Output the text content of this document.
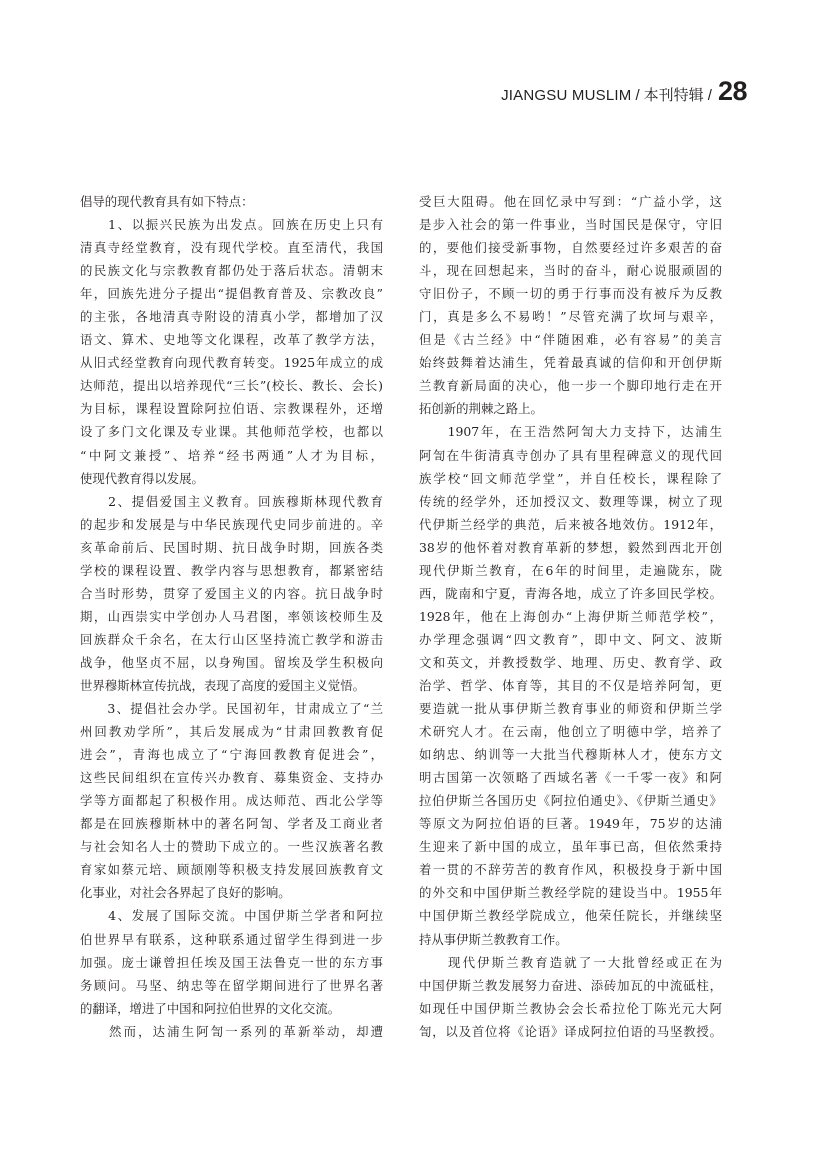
JIANGSU MUSLIM / 本刊特辑 / 28
倡导的现代教育具有如下特点：
　　1、以振兴民族为出发点。回族在历史上只有
清真寺经堂教育，没有现代学校。直至清代，我国
的民族文化与宗教教育都仍处于落后状态。清朝末
年，回族先进分子提出“提倡教育普及、宗教改良”
的主张，各地清真寺附设的清真小学，都增加了汉
语文、算术、史地等文化课程，改革了教学方法，
从旧式经堂教育向现代教育转变。1925年成立的成
达师范，提出以培养现代“三长”(校长、教长、会长)
为目标，课程设置除阿拉伯语、宗教课程外，还增
设了多门文化课及专业课。其他师范学校，也都以
“中阿文兼授”、培养“经书两通”人才为目标，
使现代教育得以发展。
　　2、提倡爱国主义教育。回族穆斯林现代教育
的起步和发展是与中华民族现代史同步前进的。辛
亥革命前后、民国时期、抗日战争时期，回族各类
学校的课程设置、教学内容与思想教育，都紧密结
合当时形势，贯穿了爱国主义的内容。抗日战争时
期，山西崇实中学创办人马君图，率领该校师生及
回族群众千余名，在太行山区坚持流亡教学和游击
战争，他坚贞不屈，以身殉国。留埃及学生积极向
世界穆斯林宣传抗战，表现了高度的爱国主义觉悟。
　　3、提倡社会办学。民国初年，甘肃成立了“兰
州回教劝学所”，其后发展成为“甘肃回教教育促
进会”，青海也成立了“宁海回教教育促进会”，
这些民间组织在宣传兴办教育、募集资金、支持办
学等方面都起了积极作用。成达师范、西北公学等
都是在回族穆斯林中的著名阿訇、学者及工商业者
与社会知名人士的赞助下成立的。一些汉族著名教
育家如蔡元培、顾颉刚等积极支持发展回族教育文
化事业，对社会各界起了良好的影响。
　　4、发展了国际交流。中国伊斯兰学者和阿拉
伯世界早有联系，这种联系通过留学生得到进一步
加强。庞士谦曾担任埃及国王法鲁克一世的东方事
务顾问。马坚、纳忠等在留学期间进行了世界名著
的翻译，增进了中国和阿拉伯世界的文化交流。
　　然而，达浦生阿訇一系列的革新举动，却遭
受巨大阻碍。他在回忆录中写到：“广益小学，这
是步入社会的第一件事业，当时国民是保守，守旧
的，要他们接受新事物，自然要经过许多艰苦的奋
斗，现在回想起来，当时的奋斗，耐心说服顽固的
守旧份子，不顾一切的勇于行事而没有被斥为反教
门，真是多么不易哟！”尽管充满了坎坷与艰辛，
但是《古兰经》中“伴随困难，必有容易”的美言
始终鼓舞着达浦生，凭着最真诚的信仰和开创伊斯
兰教育新局面的决心，他一步一个脚印地行走在开
拓创新的荆棘之路上。
　　1907年，在王浩然阿訇大力支持下，达浦生
阿訇在牛街清真寺创办了具有里程碑意义的现代回
族学校“回文师范学堂”，并自任校长，课程除了
传统的经学外，还加授汉文、数理等课，树立了现
代伊斯兰经学的典范，后来被各地效仿。1912年，
38岁的他怀着对教育革新的梦想，毅然到西北开创
现代伊斯兰教育，在6年的时间里，走遍陇东，陇
西，陇南和宁夏，青海各地，成立了许多回民学校。
1928年，他在上海创办“上海伊斯兰师范学校”，
办学理念强调“四文教育”，即中文、阿文、波斯
文和英文，并教授数学、地理、历史、教育学、政
治学、哲学、体育等，其目的不仅是培养阿訇，更
要造就一批从事伊斯兰教育事业的师资和伊斯兰学
术研究人才。在云南，他创立了明德中学，培养了
如纳忠、纳训等一大批当代穆斯林人才，使东方文
明古国第一次领略了西域名著《一千零一夜》和阿
拉伯伊斯兰各国历史《阿拉伯通史》、《伊斯兰通史》
等原文为阿拉伯语的巨著。1949年，75岁的达浦
生迎来了新中国的成立，虽年事已高，但依然秉持
着一贯的不辞劳苦的教育作风，积极投身于新中国
的外交和中国伊斯兰教经学院的建设当中。1955年
中国伊斯兰教经学院成立，他荣任院长，并继续坚
持从事伊斯兰教教育工作。
　　现代伊斯兰教育造就了一大批曾经或正在为
中国伊斯兰教发展努力奋进、添砖加瓦的中流砥柱，
如现任中国伊斯兰教协会会长希拉伦丁陈光元大阿
訇，以及首位将《论语》译成阿拉伯语的马坚教授。
